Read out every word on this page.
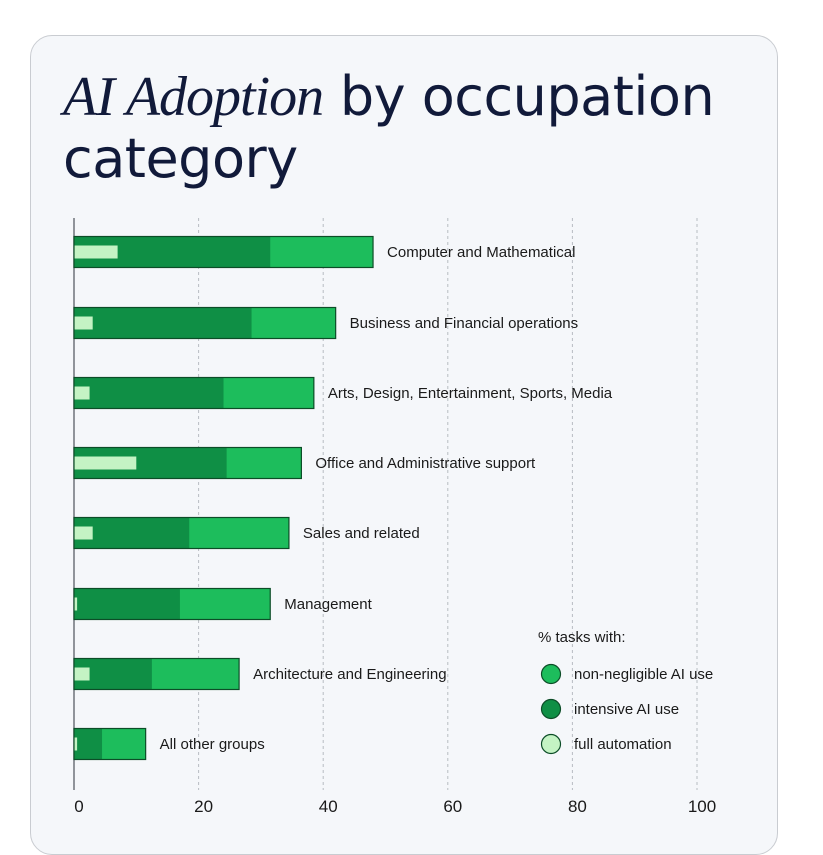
AI Adoption by occupation category
0	20	40	60	80	100
Computer and Mathematical
Business and Financial operations
Arts, Design, Entertainment, Sports, Media
Office and Administrative support
Sales and related
Management
Architecture and Engineering
All other groups
% tasks with:
non-negligible AI use
intensive AI use
full automation
